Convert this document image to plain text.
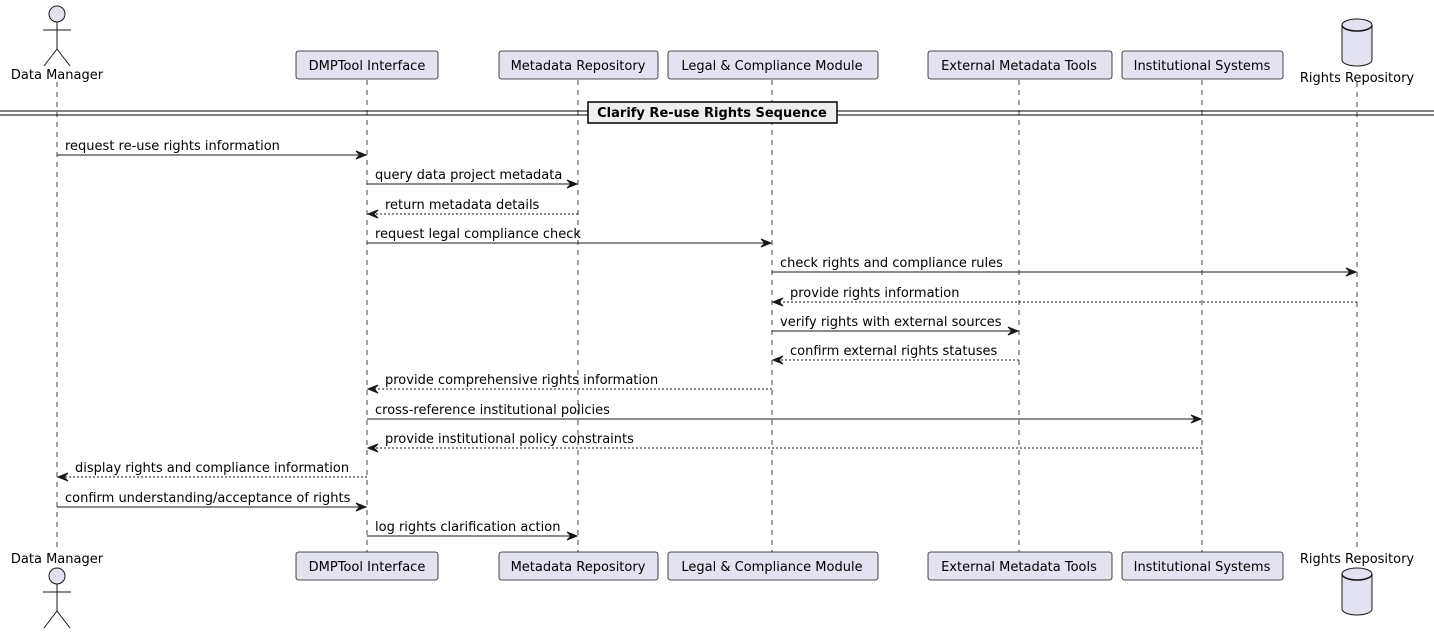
Data Manager
Data Manager
DMPTool Interface
DMPTool Interface
Metadata Repository
Metadata Repository
Legal & Compliance Module
Legal & Compliance Module
External Metadata Tools
External Metadata Tools
Institutional Systems
Institutional Systems
Rights Repository
Rights Repository
Clarify Re-use Rights Sequence
request re-use rights information
query data project metadata
return metadata details
request legal compliance check
check rights and compliance rules
provide rights information
verify rights with external sources
confirm external rights statuses
provide comprehensive rights information
cross-reference institutional policies
provide institutional policy constraints
display rights and compliance information
confirm understanding/acceptance of rights
log rights clarification action
